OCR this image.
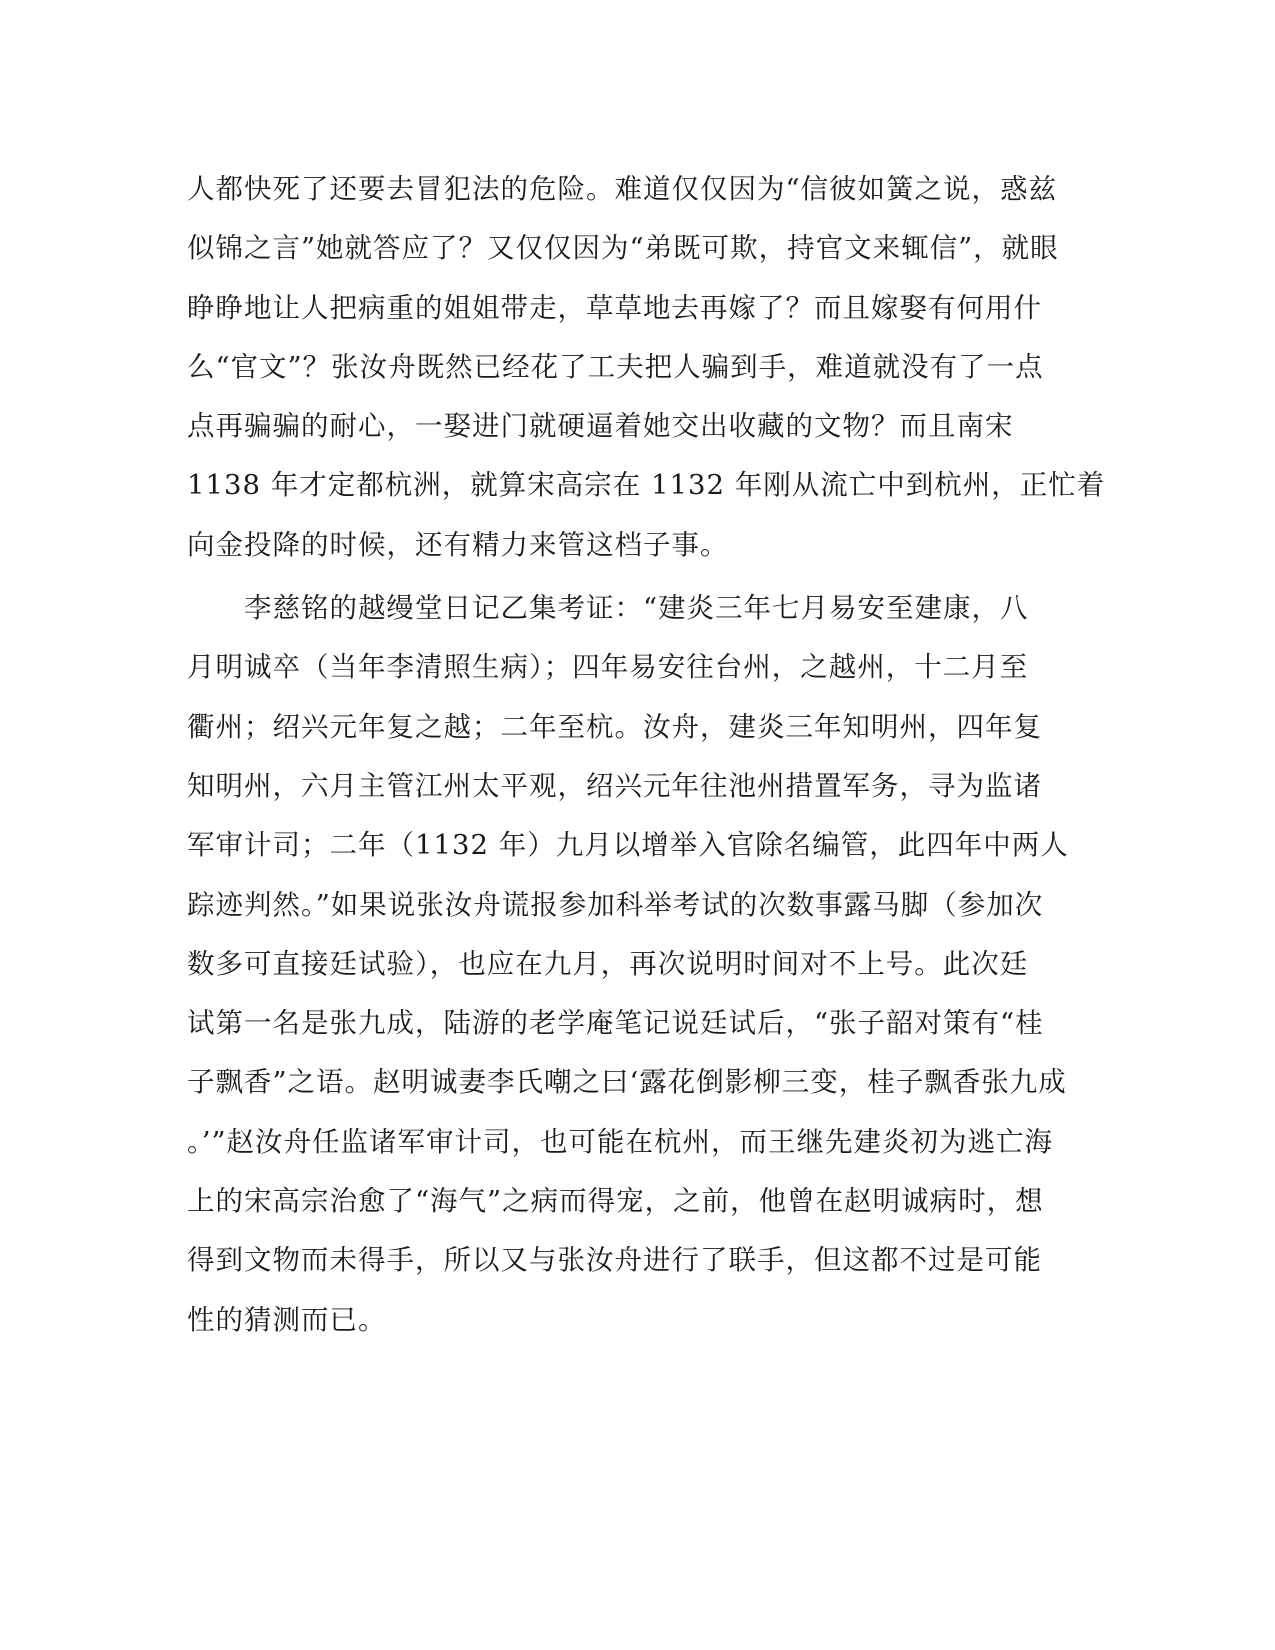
人都快死了还要去冒犯法的危险。难道仅仅因为“信彼如簧之说，惑兹
似锦之言”她就答应了？又仅仅因为“弟既可欺，持官文来辄信”，就眼
睁睁地让人把病重的姐姐带走，草草地去再嫁了？而且嫁娶有何用什
么“官文”？张汝舟既然已经花了工夫把人骗到手，难道就没有了一点
点再骗骗的耐心，一娶进门就硬逼着她交出收藏的文物？而且南宋
1138 年才定都杭洲，就算宋高宗在 1132 年刚从流亡中到杭州，正忙着
向金投降的时候，还有精力来管这档子事。
　　李慈铭的越缦堂日记乙集考证：“建炎三年七月易安至建康，八
月明诚卒（当年李清照生病）；四年易安往台州，之越州，十二月至
衢州；绍兴元年复之越；二年至杭。汝舟，建炎三年知明州，四年复
知明州，六月主管江州太平观，绍兴元年往池州措置军务，寻为监诸
军审计司；二年（1132 年）九月以增举入官除名编管，此四年中两人
踪迹判然。”如果说张汝舟谎报参加科举考试的次数事露马脚（参加次
数多可直接廷试验），也应在九月，再次说明时间对不上号。此次廷
试第一名是张九成，陆游的老学庵笔记说廷试后，“张子韶对策有“桂
子飘香”之语。赵明诚妻李氏嘲之曰‘露花倒影柳三变，桂子飘香张九成
。’”赵汝舟任监诸军审计司，也可能在杭州，而王继先建炎初为逃亡海
上的宋高宗治愈了“海气”之病而得宠，之前，他曾在赵明诚病时，想
得到文物而未得手，所以又与张汝舟进行了联手，但这都不过是可能
性的猜测而已。
